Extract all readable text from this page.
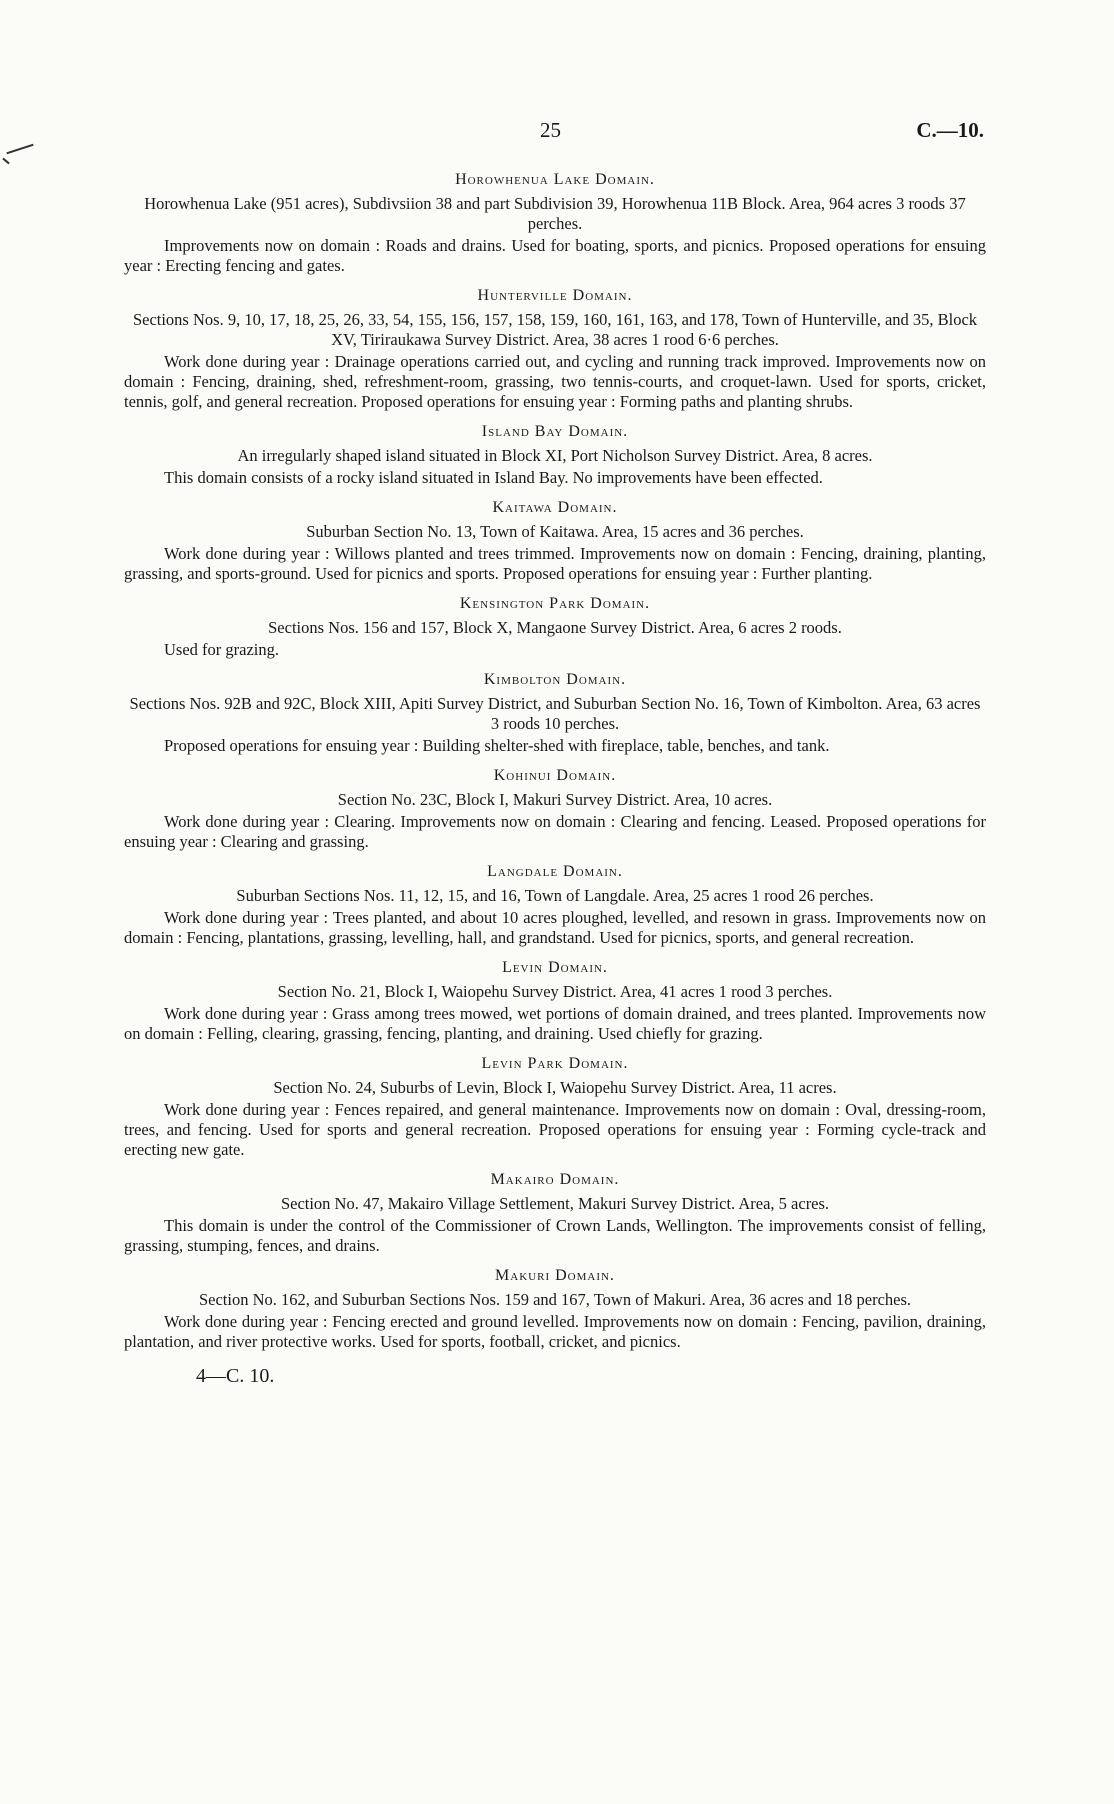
25	C.—10.
Horowhenua Lake Domain.

Horowhenua Lake (951 acres), Subdivsiion 38 and part Subdivision 39, Horowhenua 11B Block. Area, 964 acres 3 roods 37 perches.

Improvements now on domain : Roads and drains. Used for boating, sports, and picnics. Proposed operations for ensuing year : Erecting fencing and gates.

Hunterville Domain.

Sections Nos. 9, 10, 17, 18, 25, 26, 33, 54, 155, 156, 157, 158, 159, 160, 161, 163, and 178, Town of Hunterville, and 35, Block XV, Tiriraukawa Survey District. Area, 38 acres 1 rood 6·6 perches.

Work done during year : Drainage operations carried out, and cycling and running track improved. Improvements now on domain : Fencing, draining, shed, refreshment-room, grassing, two tennis-courts, and croquet-lawn. Used for sports, cricket, tennis, golf, and general recreation. Proposed operations for ensuing year : Forming paths and planting shrubs.

Island Bay Domain.

An irregularly shaped island situated in Block XI, Port Nicholson Survey District. Area, 8 acres.

This domain consists of a rocky island situated in Island Bay. No improvements have been effected.

Kaitawa Domain.

Suburban Section No. 13, Town of Kaitawa. Area, 15 acres and 36 perches.

Work done during year : Willows planted and trees trimmed. Improvements now on domain : Fencing, draining, planting, grassing, and sports-ground. Used for picnics and sports. Proposed operations for ensuing year : Further planting.

Kensington Park Domain.

Sections Nos. 156 and 157, Block X, Mangaone Survey District. Area, 6 acres 2 roods.

Used for grazing.

Kimbolton Domain.

Sections Nos. 92B and 92C, Block XIII, Apiti Survey District, and Suburban Section No. 16, Town of Kimbolton. Area, 63 acres 3 roods 10 perches.

Proposed operations for ensuing year : Building shelter-shed with fireplace, table, benches, and tank.

Kohinui Domain.

Section No. 23C, Block I, Makuri Survey District. Area, 10 acres.

Work done during year : Clearing. Improvements now on domain : Clearing and fencing. Leased. Proposed operations for ensuing year : Clearing and grassing.

Langdale Domain.

Suburban Sections Nos. 11, 12, 15, and 16, Town of Langdale. Area, 25 acres 1 rood 26 perches.

Work done during year : Trees planted, and about 10 acres ploughed, levelled, and resown in grass. Improvements now on domain : Fencing, plantations, grassing, levelling, hall, and grandstand. Used for picnics, sports, and general recreation.

Levin Domain.

Section No. 21, Block I, Waiopehu Survey District. Area, 41 acres 1 rood 3 perches.

Work done during year : Grass among trees mowed, wet portions of domain drained, and trees planted. Improvements now on domain : Felling, clearing, grassing, fencing, planting, and draining. Used chiefly for grazing.

Levin Park Domain.

Section No. 24, Suburbs of Levin, Block I, Waiopehu Survey District. Area, 11 acres.

Work done during year : Fences repaired, and general maintenance. Improvements now on domain : Oval, dressing-room, trees, and fencing. Used for sports and general recreation. Proposed operations for ensuing year : Forming cycle-track and erecting new gate.

Makairo Domain.

Section No. 47, Makairo Village Settlement, Makuri Survey District. Area, 5 acres.

This domain is under the control of the Commissioner of Crown Lands, Wellington. The improvements consist of felling, grassing, stumping, fences, and drains.

Makuri Domain.

Section No. 162, and Suburban Sections Nos. 159 and 167, Town of Makuri. Area, 36 acres and 18 perches.

Work done during year : Fencing erected and ground levelled. Improvements now on domain : Fencing, pavilion, draining, plantation, and river protective works. Used for sports, football, cricket, and picnics.

4—C. 10.
